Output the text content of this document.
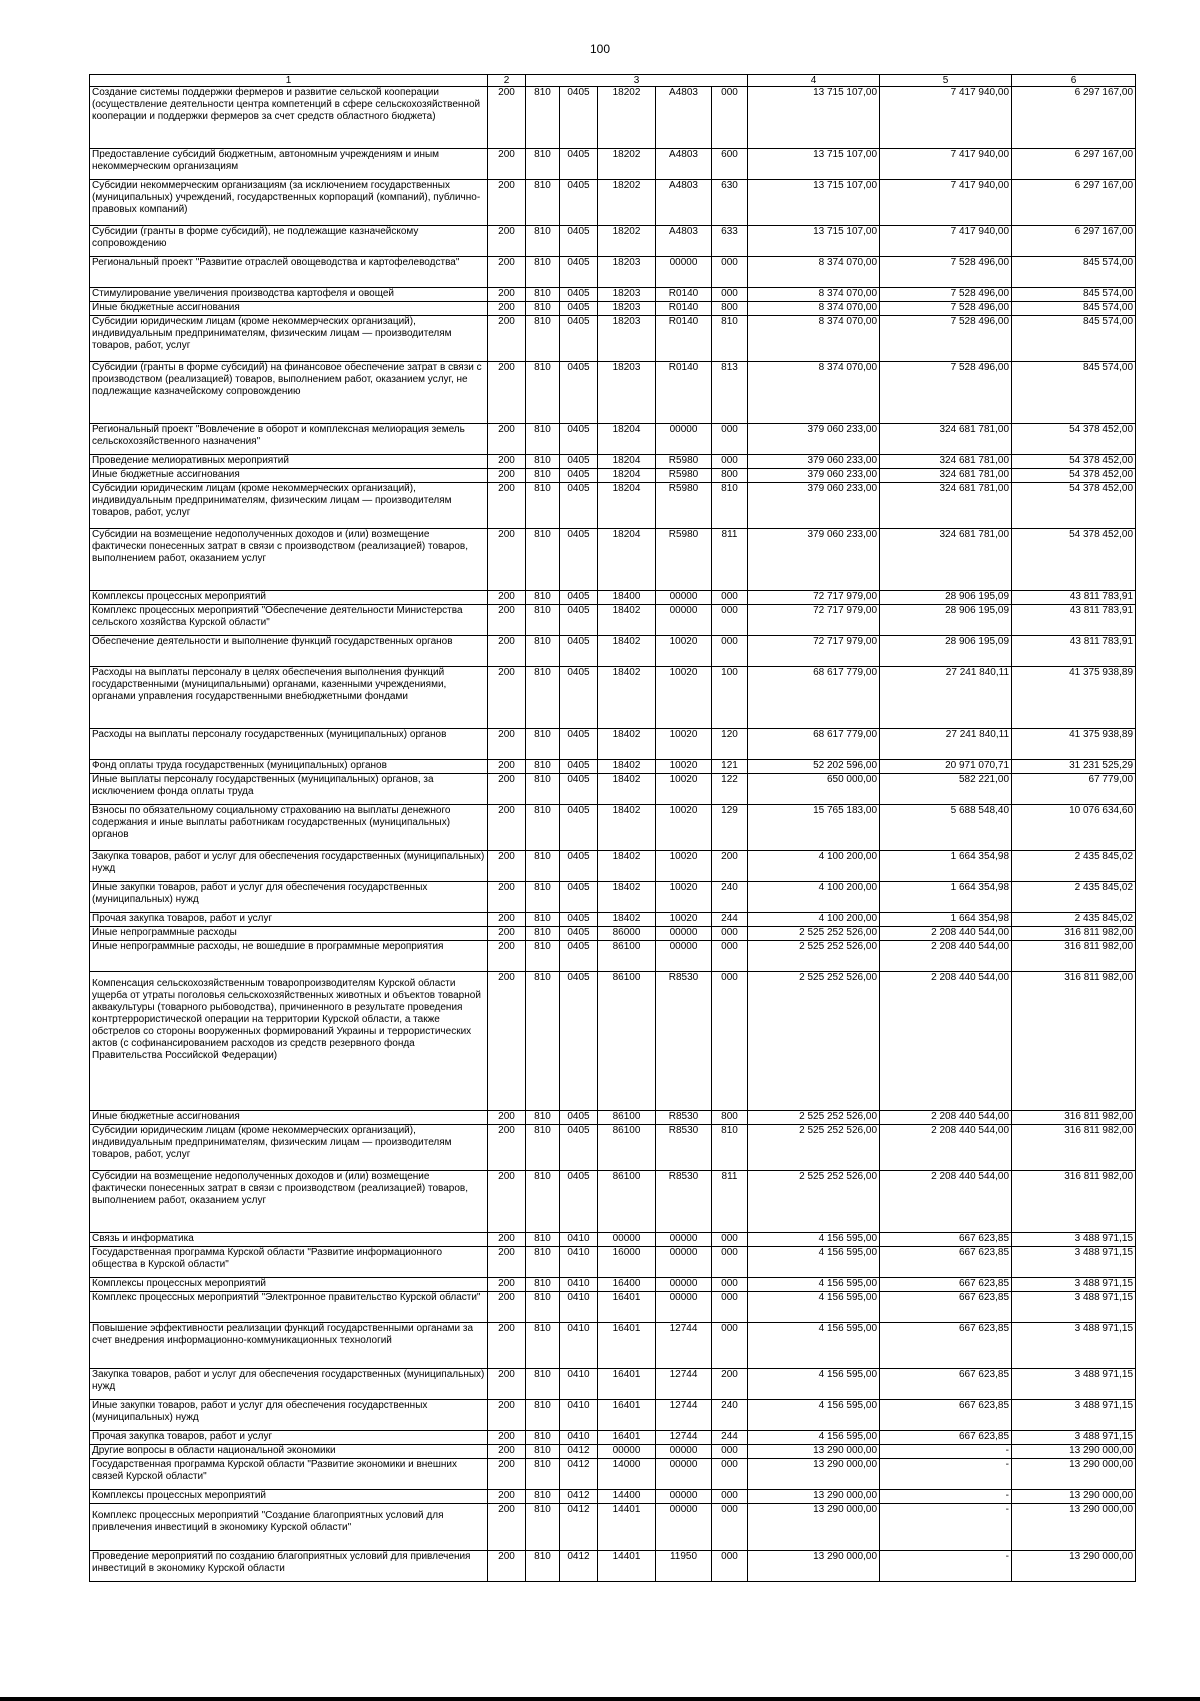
100
1	2	3					4	5	6
Создание системы поддержки фермеров и развитие сельской кооперации (осуществление деятельности центра компетенций в сфере сельскохозяйственной кооперации и поддержки фермеров за счет средств областного бюджета)	200	810	0405	18202	A4803	000	13 715 107,00	7 417 940,00	6 297 167,00
Предоставление субсидий бюджетным, автономным учреждениям и иным некоммерческим организациям	200	810	0405	18202	A4803	600	13 715 107,00	7 417 940,00	6 297 167,00
Субсидии некоммерческим организациям (за исключением государственных (муниципальных) учреждений, государственных корпораций (компаний), публично-правовых компаний)	200	810	0405	18202	A4803	630	13 715 107,00	7 417 940,00	6 297 167,00
Субсидии (гранты в форме субсидий), не подлежащие казначейскому сопровождению	200	810	0405	18202	A4803	633	13 715 107,00	7 417 940,00	6 297 167,00
Региональный проект "Развитие отраслей овощеводства и картофелеводства"	200	810	0405	18203	00000	000	8 374 070,00	7 528 496,00	845 574,00
Стимулирование увеличения производства картофеля и овощей	200	810	0405	18203	R0140	000	8 374 070,00	7 528 496,00	845 574,00
Иные бюджетные ассигнования	200	810	0405	18203	R0140	800	8 374 070,00	7 528 496,00	845 574,00
Субсидии юридическим лицам (кроме некоммерческих организаций), индивидуальным предпринимателям, физическим лицам — производителям товаров, работ, услуг	200	810	0405	18203	R0140	810	8 374 070,00	7 528 496,00	845 574,00
Субсидии (гранты в форме субсидий) на финансовое обеспечение затрат в связи с производством (реализацией) товаров, выполнением работ, оказанием услуг, не подлежащие казначейскому сопровождению	200	810	0405	18203	R0140	813	8 374 070,00	7 528 496,00	845 574,00
Региональный проект "Вовлечение в оборот и комплексная мелиорация земель сельскохозяйственного назначения"	200	810	0405	18204	00000	000	379 060 233,00	324 681 781,00	54 378 452,00
Проведение мелиоративных мероприятий	200	810	0405	18204	R5980	000	379 060 233,00	324 681 781,00	54 378 452,00
Иные бюджетные ассигнования	200	810	0405	18204	R5980	800	379 060 233,00	324 681 781,00	54 378 452,00
Субсидии юридическим лицам (кроме некоммерческих организаций), индивидуальным предпринимателям, физическим лицам — производителям товаров, работ, услуг	200	810	0405	18204	R5980	810	379 060 233,00	324 681 781,00	54 378 452,00
Субсидии на возмещение недополученных доходов и (или) возмещение фактически понесенных затрат в связи с производством (реализацией) товаров, выполнением работ, оказанием услуг	200	810	0405	18204	R5980	811	379 060 233,00	324 681 781,00	54 378 452,00
Комплексы процессных мероприятий	200	810	0405	18400	00000	000	72 717 979,00	28 906 195,09	43 811 783,91
Комплекс процессных мероприятий "Обеспечение деятельности Министерства сельского хозяйства Курской области"	200	810	0405	18402	00000	000	72 717 979,00	28 906 195,09	43 811 783,91
Обеспечение деятельности и выполнение функций государственных органов	200	810	0405	18402	10020	000	72 717 979,00	28 906 195,09	43 811 783,91
Расходы на выплаты персоналу в целях обеспечения выполнения функций государственными (муниципальными) органами, казенными учреждениями, органами управления государственными внебюджетными фондами	200	810	0405	18402	10020	100	68 617 779,00	27 241 840,11	41 375 938,89
Расходы на выплаты персоналу государственных (муниципальных) органов	200	810	0405	18402	10020	120	68 617 779,00	27 241 840,11	41 375 938,89
Фонд оплаты труда государственных (муниципальных) органов	200	810	0405	18402	10020	121	52 202 596,00	20 971 070,71	31 231 525,29
Иные выплаты персоналу государственных (муниципальных) органов, за исключением фонда оплаты труда	200	810	0405	18402	10020	122	650 000,00	582 221,00	67 779,00
Взносы по обязательному социальному страхованию на выплаты денежного содержания и иные выплаты работникам государственных (муниципальных) органов	200	810	0405	18402	10020	129	15 765 183,00	5 688 548,40	10 076 634,60
Закупка товаров, работ и услуг для обеспечения государственных (муниципальных) нужд	200	810	0405	18402	10020	200	4 100 200,00	1 664 354,98	2 435 845,02
Иные закупки товаров, работ и услуг для обеспечения государственных (муниципальных) нужд	200	810	0405	18402	10020	240	4 100 200,00	1 664 354,98	2 435 845,02
Прочая закупка товаров, работ и услуг	200	810	0405	18402	10020	244	4 100 200,00	1 664 354,98	2 435 845,02
Иные непрограммные расходы	200	810	0405	86000	00000	000	2 525 252 526,00	2 208 440 544,00	316 811 982,00
Иные непрограммные расходы, не вошедшие в программные мероприятия	200	810	0405	86100	00000	000	2 525 252 526,00	2 208 440 544,00	316 811 982,00
Компенсация сельскохозяйственным товаропроизводителям Курской области ущерба от утраты поголовья сельскохозяйственных животных и объектов товарной аквакультуры (товарного рыбоводства), причиненного в результате проведения контртеррористической операции на территории Курской области, а также обстрелов со стороны вооруженных формирований Украины и террористических актов (с софинансированием расходов из средств резервного фонда Правительства Российской Федерации)	200	810	0405	86100	R8530	000	2 525 252 526,00	2 208 440 544,00	316 811 982,00
Иные бюджетные ассигнования	200	810	0405	86100	R8530	800	2 525 252 526,00	2 208 440 544,00	316 811 982,00
Субсидии юридическим лицам (кроме некоммерческих организаций), индивидуальным предпринимателям, физическим лицам — производителям товаров, работ, услуг	200	810	0405	86100	R8530	810	2 525 252 526,00	2 208 440 544,00	316 811 982,00
Субсидии на возмещение недополученных доходов и (или) возмещение фактически понесенных затрат в связи с производством (реализацией) товаров, выполнением работ, оказанием услуг	200	810	0405	86100	R8530	811	2 525 252 526,00	2 208 440 544,00	316 811 982,00
Связь и информатика	200	810	0410	00000	00000	000	4 156 595,00	667 623,85	3 488 971,15
Государственная программа Курской области "Развитие информационного общества в Курской области"	200	810	0410	16000	00000	000	4 156 595,00	667 623,85	3 488 971,15
Комплексы процессных мероприятий	200	810	0410	16400	00000	000	4 156 595,00	667 623,85	3 488 971,15
Комплекс процессных мероприятий "Электронное правительство Курской области"	200	810	0410	16401	00000	000	4 156 595,00	667 623,85	3 488 971,15
Повышение эффективности реализации функций государственными органами за счет внедрения информационно-коммуникационных технологий	200	810	0410	16401	12744	000	4 156 595,00	667 623,85	3 488 971,15
Закупка товаров, работ и услуг для обеспечения государственных (муниципальных) нужд	200	810	0410	16401	12744	200	4 156 595,00	667 623,85	3 488 971,15
Иные закупки товаров, работ и услуг для обеспечения государственных (муниципальных) нужд	200	810	0410	16401	12744	240	4 156 595,00	667 623,85	3 488 971,15
Прочая закупка товаров, работ и услуг	200	810	0410	16401	12744	244	4 156 595,00	667 623,85	3 488 971,15
Другие вопросы в области национальной экономики	200	810	0412	00000	00000	000	13 290 000,00	-	13 290 000,00
Государственная программа Курской области "Развитие экономики и внешних связей Курской области"	200	810	0412	14000	00000	000	13 290 000,00	-	13 290 000,00
Комплексы процессных мероприятий	200	810	0412	14400	00000	000	13 290 000,00	-	13 290 000,00
Комплекс процессных мероприятий "Создание благоприятных условий для привлечения инвестиций в экономику Курской области"	200	810	0412	14401	00000	000	13 290 000,00	-	13 290 000,00
Проведение мероприятий по созданию благоприятных условий для привлечения инвестиций в экономику Курской области	200	810	0412	14401	11950	000	13 290 000,00	-	13 290 000,00
